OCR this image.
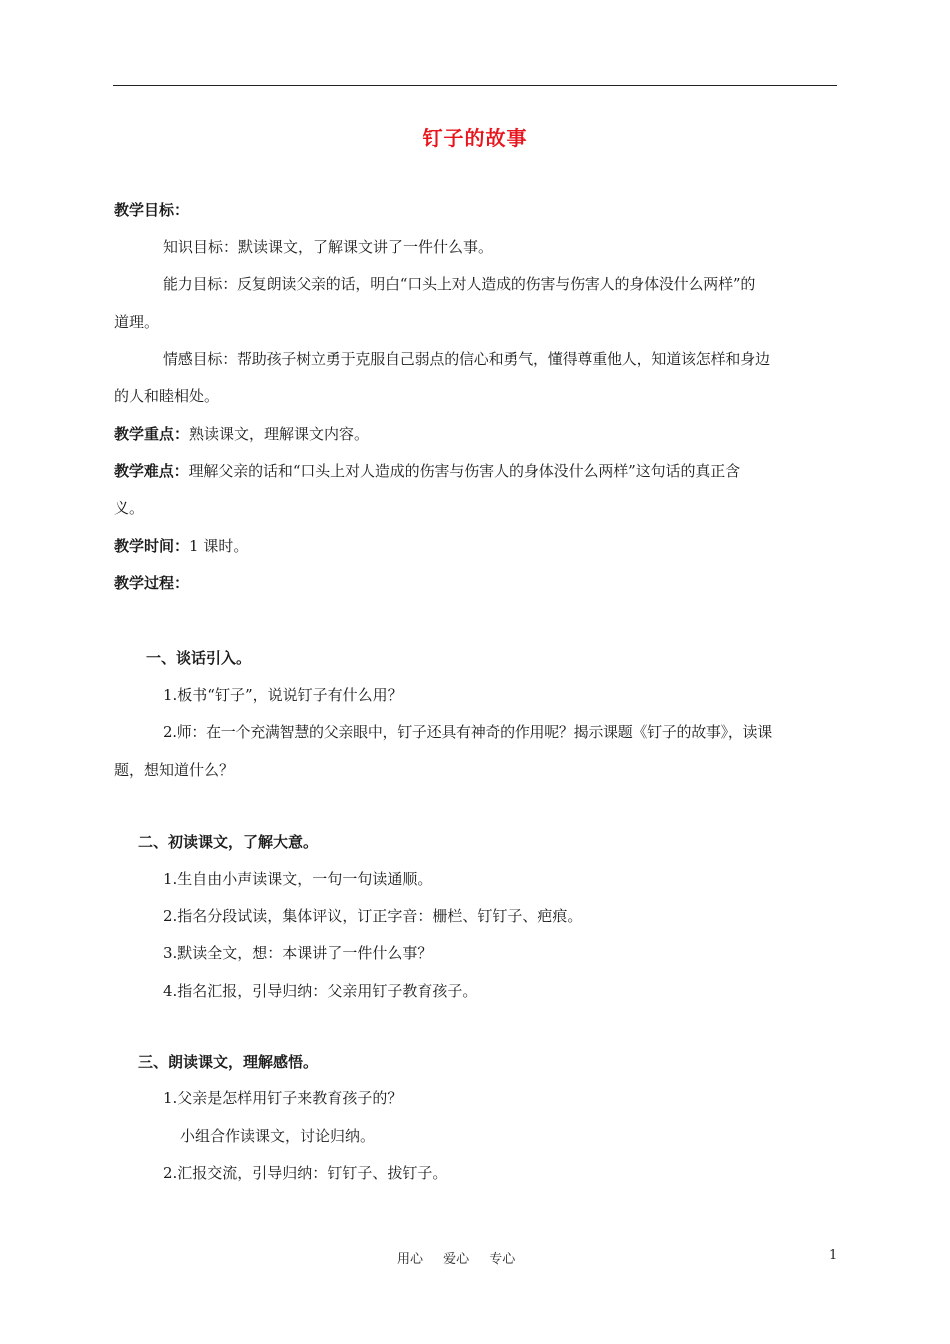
钉子的故事
教学目标：
知识目标：默读课文，了解课文讲了一件什么事。
能力目标：反复朗读父亲的话，明白“口头上对人造成的伤害与伤害人的身体没什么两样”的
道理。
情感目标：帮助孩子树立勇于克服自己弱点的信心和勇气，懂得尊重他人，知道该怎样和身边
的人和睦相处。
教学重点：熟读课文，理解课文内容。
教学难点：理解父亲的话和“口头上对人造成的伤害与伤害人的身体没什么两样”这句话的真正含
义。
教学时间：1 课时。
教学过程：
一、谈话引入。
1.板书“钉子”，说说钉子有什么用？
2.师：在一个充满智慧的父亲眼中，钉子还具有神奇的作用呢？揭示课题《钉子的故事》，读课
题，想知道什么？
二、初读课文，了解大意。
1.生自由小声读课文，一句一句读通顺。
2.指名分段试读，集体评议，订正字音：栅栏、钉钉子、疤痕。
3.默读全文，想：本课讲了一件什么事？
4.指名汇报，引导归纳：父亲用钉子教育孩子。
三、朗读课文，理解感悟。
1.父亲是怎样用钉子来教育孩子的？
小组合作读课文，讨论归纳。
2.汇报交流，引导归纳：钉钉子、拔钉子。
用心 爱心 专心	1
